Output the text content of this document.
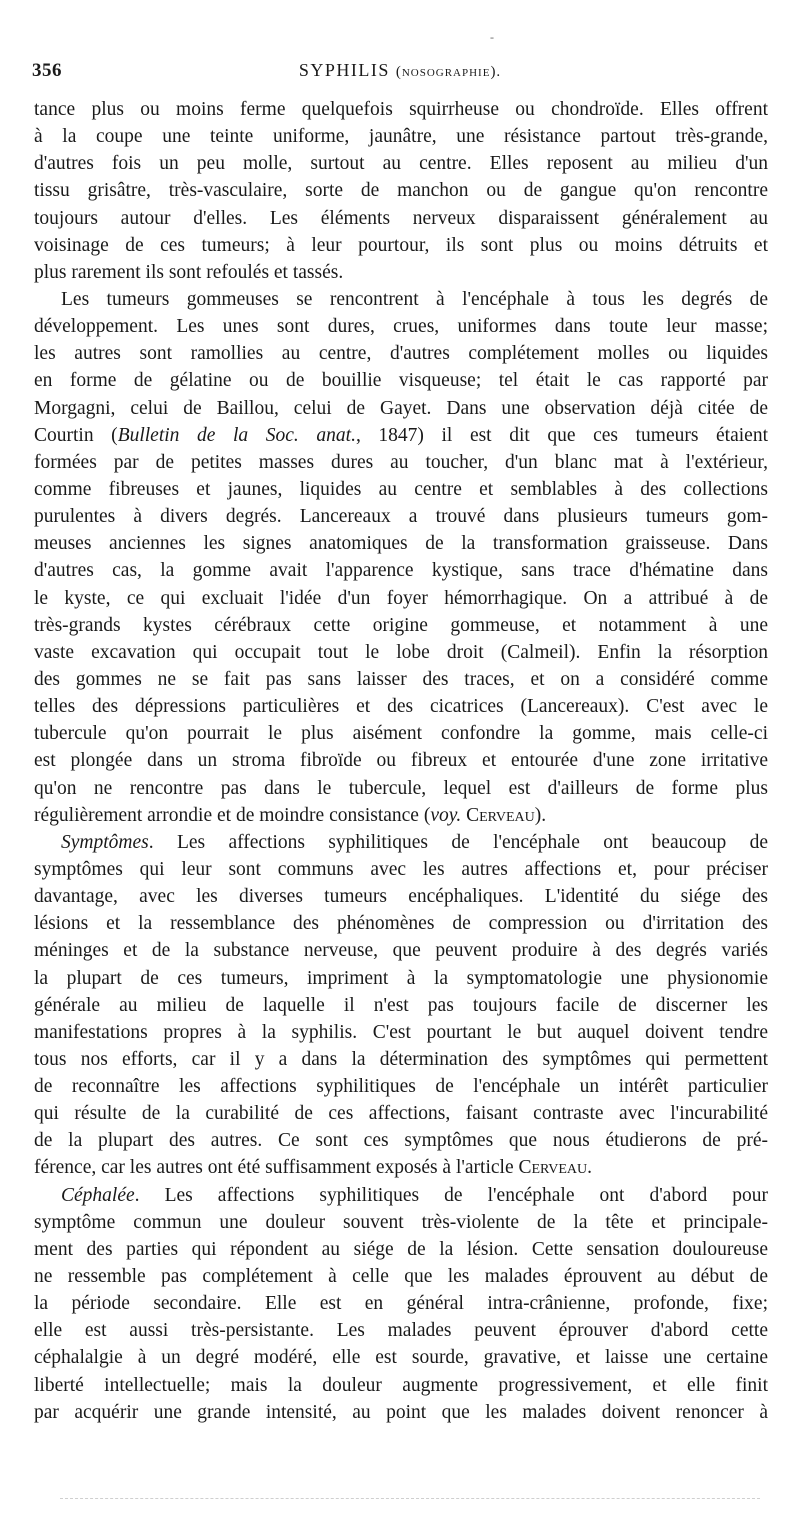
-
356	SYPHILIS (nosographie).
tance plus ou moins ferme quelquefois squirrheuse ou chondroïde. Elles offrent
à la coupe une teinte uniforme, jaunâtre, une résistance partout très-grande,
d'autres fois un peu molle, surtout au centre. Elles reposent au milieu d'un
tissu grisâtre, très-vasculaire, sorte de manchon ou de gangue qu'on rencontre
toujours autour d'elles. Les éléments nerveux disparaissent généralement au
voisinage de ces tumeurs; à leur pourtour, ils sont plus ou moins détruits et
plus rarement ils sont refoulés et tassés.
Les tumeurs gommeuses se rencontrent à l'encéphale à tous les degrés de
développement. Les unes sont dures, crues, uniformes dans toute leur masse;
les autres sont ramollies au centre, d'autres complétement molles ou liquides
en forme de gélatine ou de bouillie visqueuse; tel était le cas rapporté par
Morgagni, celui de Baillou, celui de Gayet. Dans une observation déjà citée de
Courtin (Bulletin de la Soc. anat., 1847) il est dit que ces tumeurs étaient
formées par de petites masses dures au toucher, d'un blanc mat à l'extérieur,
comme fibreuses et jaunes, liquides au centre et semblables à des collections
purulentes à divers degrés. Lancereaux a trouvé dans plusieurs tumeurs gom-
meuses anciennes les signes anatomiques de la transformation graisseuse. Dans
d'autres cas, la gomme avait l'apparence kystique, sans trace d'hématine dans
le kyste, ce qui excluait l'idée d'un foyer hémorrhagique. On a attribué à de
très-grands kystes cérébraux cette origine gommeuse, et notamment à une
vaste excavation qui occupait tout le lobe droit (Calmeil). Enfin la résorption
des gommes ne se fait pas sans laisser des traces, et on a considéré comme
telles des dépressions particulières et des cicatrices (Lancereaux). C'est avec le
tubercule qu'on pourrait le plus aisément confondre la gomme, mais celle-ci
est plongée dans un stroma fibroïde ou fibreux et entourée d'une zone irritative
qu'on ne rencontre pas dans le tubercule, lequel est d'ailleurs de forme plus
régulièrement arrondie et de moindre consistance (voy. Cerveau).
Symptômes. Les affections syphilitiques de l'encéphale ont beaucoup de
symptômes qui leur sont communs avec les autres affections et, pour préciser
davantage, avec les diverses tumeurs encéphaliques. L'identité du siége des
lésions et la ressemblance des phénomènes de compression ou d'irritation des
méninges et de la substance nerveuse, que peuvent produire à des degrés variés
la plupart de ces tumeurs, impriment à la symptomatologie une physionomie
générale au milieu de laquelle il n'est pas toujours facile de discerner les
manifestations propres à la syphilis. C'est pourtant le but auquel doivent tendre
tous nos efforts, car il y a dans la détermination des symptômes qui permettent
de reconnaître les affections syphilitiques de l'encéphale un intérêt particulier
qui résulte de la curabilité de ces affections, faisant contraste avec l'incurabilité
de la plupart des autres. Ce sont ces symptômes que nous étudierons de pré-
férence, car les autres ont été suffisamment exposés à l'article Cerveau.
Céphalée. Les affections syphilitiques de l'encéphale ont d'abord pour
symptôme commun une douleur souvent très-violente de la tête et principale-
ment des parties qui répondent au siége de la lésion. Cette sensation douloureuse
ne ressemble pas complétement à celle que les malades éprouvent au début de
la période secondaire. Elle est en général intra-crânienne, profonde, fixe;
elle est aussi très-persistante. Les malades peuvent éprouver d'abord cette
céphalalgie à un degré modéré, elle est sourde, gravative, et laisse une certaine
liberté intellectuelle; mais la douleur augmente progressivement, et elle finit
par acquérir une grande intensité, au point que les malades doivent renoncer à
